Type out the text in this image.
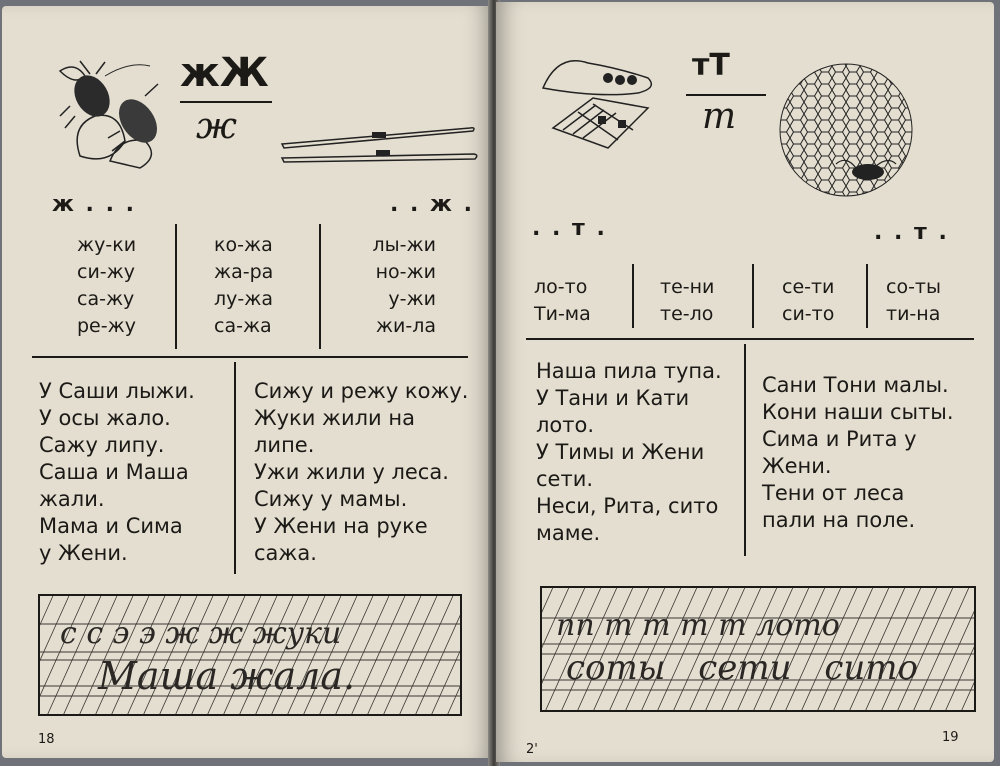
жЖ
ж
ж . . .	. . ж .
жу-ки
си-жу
са-жу
ре-жу
ко-жа
жа-ра
лу-жа
са-жа
лы-жи
но-жи
у-жи
жи-ла
У Саши лыжи.
У осы жало.
Сажу липу.
Саша и Маша
жали.
Мама и Сима
у Жени.
Сижу и режу кожу.
Жуки жили на
липе.
Ужи жили у леса.
Сижу у мамы.
У Жени на руке
сажа.
с с э э ж ж жуки
Маша жала.
18
тТ
т
. . т .	. . т .
ло-то
Ти-ма
те-ни
те-ло
се-ти
си-то
со-ты
ти-на
Наша пила тупа.
У Тани и Кати
лото.
У Тимы и Жени
сети.
Неси, Рита, сито
маме.
Сани Тони малы.
Кони наши сыты.
Сима и Рита у
Жени.
Тени от леса
пали на поле.
пп т т т т лото
соты сети сито
2'
19
